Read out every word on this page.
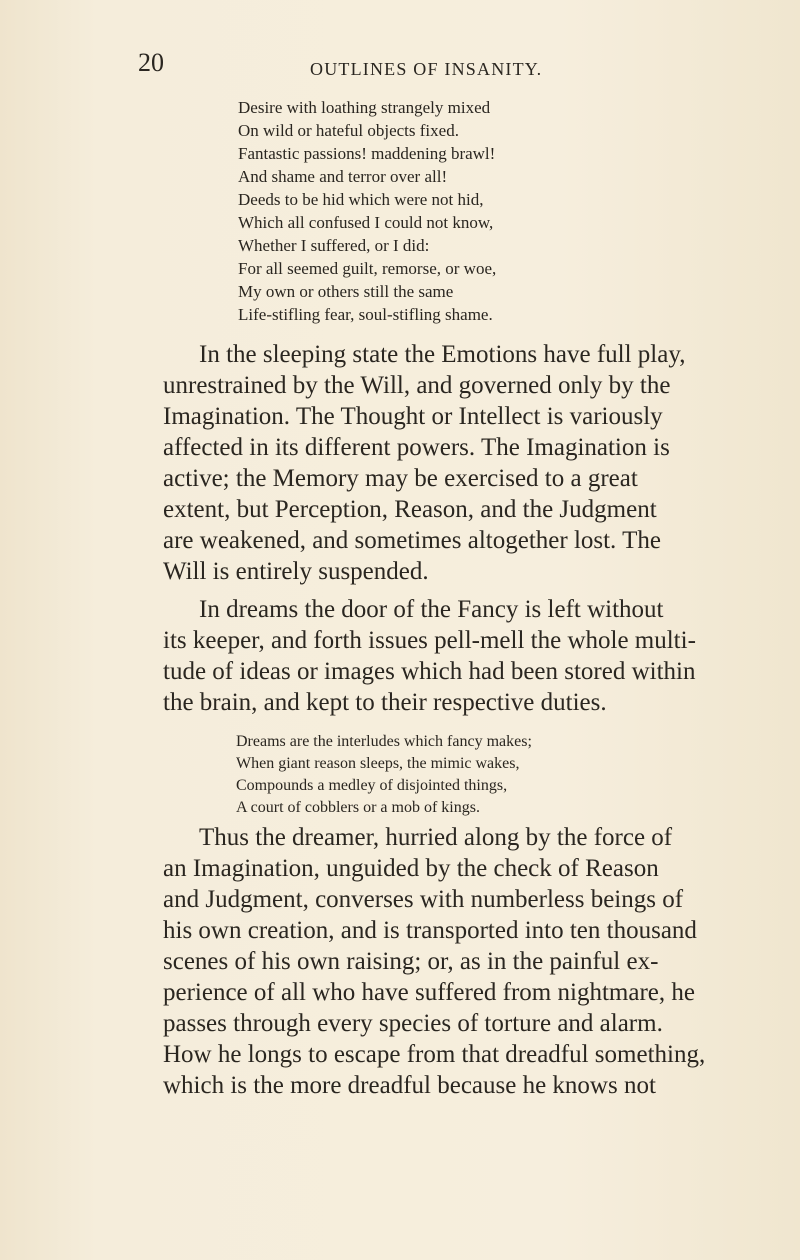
20	OUTLINES OF INSANITY.
Desire with loathing strangely mixed
On wild or hateful objects fixed.
Fantastic passions! maddening brawl!
And shame and terror over all!
Deeds to be hid which were not hid,
Which all confused I could not know,
Whether I suffered, or I did:
For all seemed guilt, remorse, or woe,
My own or others still the same
Life-stifling fear, soul-stifling shame.
In the sleeping state the Emotions have full play,
unrestrained by the Will, and governed only by the
Imagination. The Thought or Intellect is variously
affected in its different powers. The Imagination is
active; the Memory may be exercised to a great
extent, but Perception, Reason, and the Judgment
are weakened, and sometimes altogether lost. The
Will is entirely suspended.
In dreams the door of the Fancy is left without
its keeper, and forth issues pell-mell the whole multi-
tude of ideas or images which had been stored within
the brain, and kept to their respective duties.
Dreams are the interludes which fancy makes;
When giant reason sleeps, the mimic wakes,
Compounds a medley of disjointed things,
A court of cobblers or a mob of kings.
Thus the dreamer, hurried along by the force of
an Imagination, unguided by the check of Reason
and Judgment, converses with numberless beings of
his own creation, and is transported into ten thousand
scenes of his own raising; or, as in the painful ex-
perience of all who have suffered from nightmare, he
passes through every species of torture and alarm.
How he longs to escape from that dreadful something,
which is the more dreadful because he knows not
